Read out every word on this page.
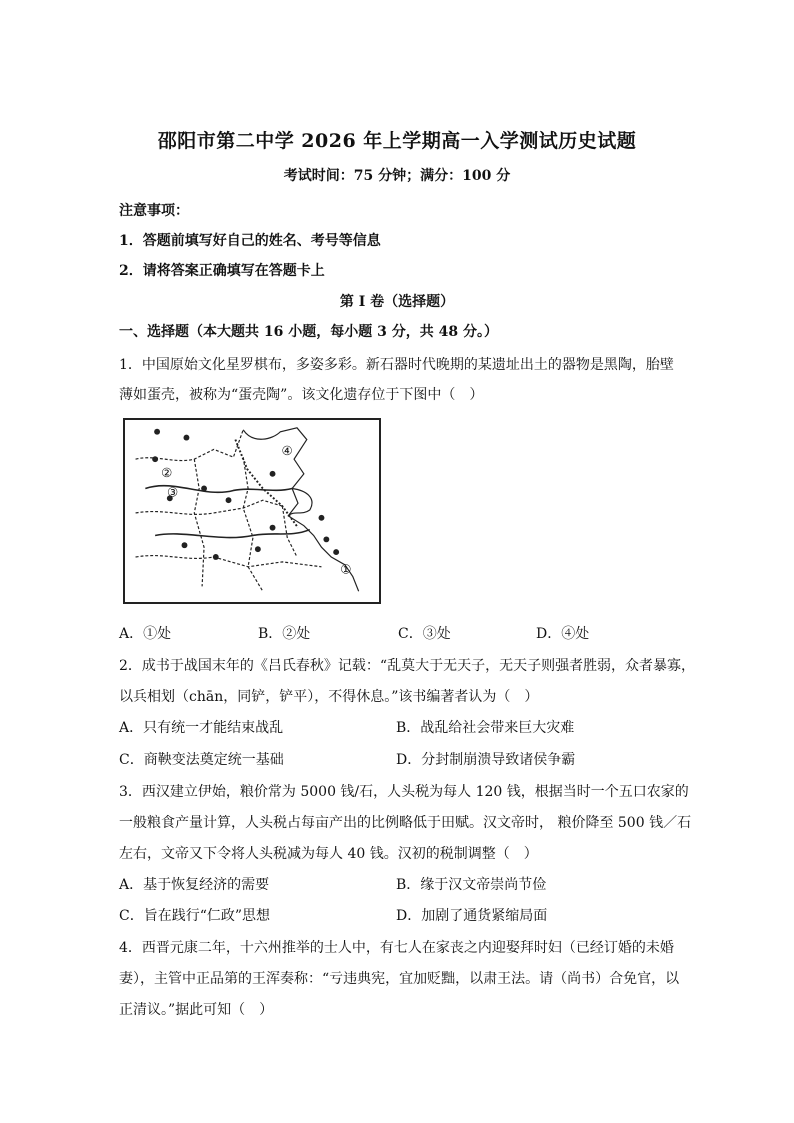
邵阳市第二中学 2026 年上学期高一入学测试历史试题
考试时间：75 分钟；满分：100 分
注意事项：
1．答题前填写好自己的姓名、考号等信息
2．请将答案正确填写在答题卡上
第 I 卷（选择题）
一、选择题（本大题共 16 小题，每小题 3 分，共 48 分。）
1．中国原始文化星罗棋布，多姿多彩。新石器时代晚期的某遗址出土的器物是黑陶，胎壁
薄如蛋壳，被称为“蛋壳陶”。该文化遗存位于下图中（　）
①
②
③
④
A．①处	B．②处	C．③处	D．④处
2．成书于战国末年的《吕氏春秋》记载：“乱莫大于无天子，无天子则强者胜弱，众者暴寡，
以兵相划（chān，同铲，铲平），不得休息。”该书编著者认为（　）
A．只有统一才能结束战乱	B．战乱给社会带来巨大灾难
C．商鞅变法奠定统一基础	D．分封制崩溃导致诸侯争霸
3．西汉建立伊始，粮价常为 5000 钱/石，人头税为每人 120 钱，根据当时一个五口农家的
一般粮食产量计算，人头税占每亩产出的比例略低于田赋。汉文帝时， 粮价降至 500 钱／石
左右，文帝又下令将人头税减为每人 40 钱。汉初的税制调整（　）
A．基于恢复经济的需要	B．缘于汉文帝崇尚节俭
C．旨在践行“仁政”思想	D．加剧了通货紧缩局面
4．西晋元康二年，十六州推举的士人中，有七人在家丧之内迎娶拜时妇（已经订婚的未婚
妻），主管中正品第的王浑奏称：“亏违典宪，宜加贬黜，以肃王法。请（尚书）合免官，以
正清议。”据此可知（　）
